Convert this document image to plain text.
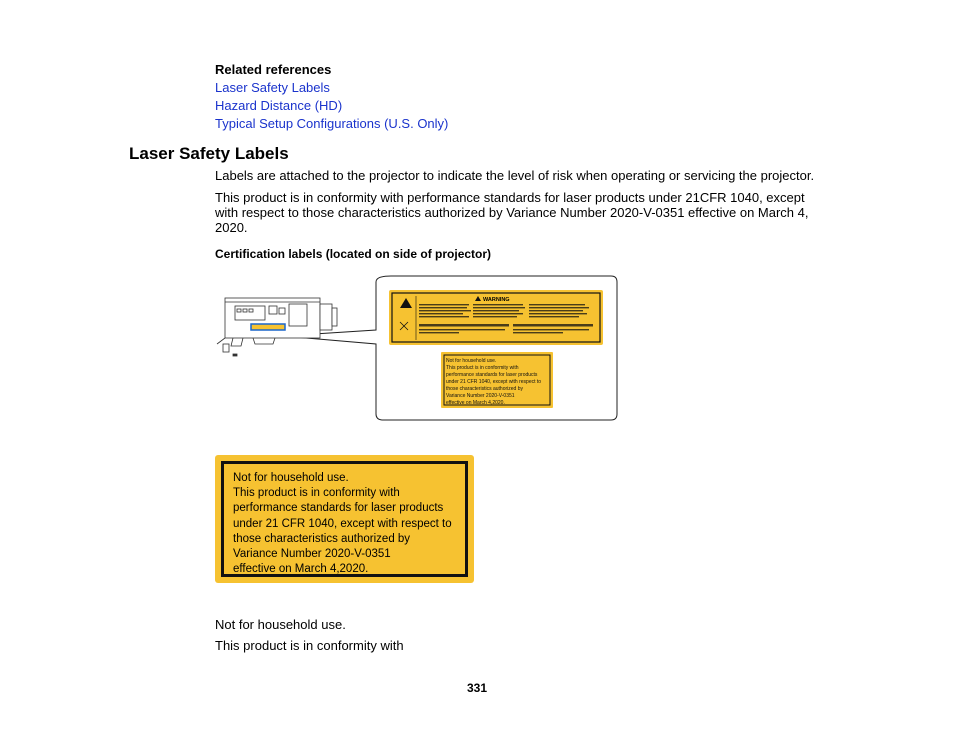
Related references
Laser Safety Labels
Hazard Distance (HD)
Typical Setup Configurations (U.S. Only)
Laser Safety Labels
Labels are attached to the projector to indicate the level of risk when operating or servicing the projector.
This product is in conformity with performance standards for laser products under 21CFR 1040, except
with respect to those characteristics authorized by Variance Number 2020-V-0351 effective on March 4,
2020.
Certification labels (located on side of projector)
WARNING
Not for household use. This product is in conformity with performance standards for laser products under 21 CFR 1040, except with respect to those characteristics authorized by Variance Number 2020-V-0351 effective on March 4,2020.
Not for household use.
This product is in conformity with
performance standards for laser products
under 21 CFR 1040, except with respect to
those characteristics authorized by
Variance Number 2020-V-0351
effective on March 4,2020.
Not for household use.
This product is in conformity with
331
